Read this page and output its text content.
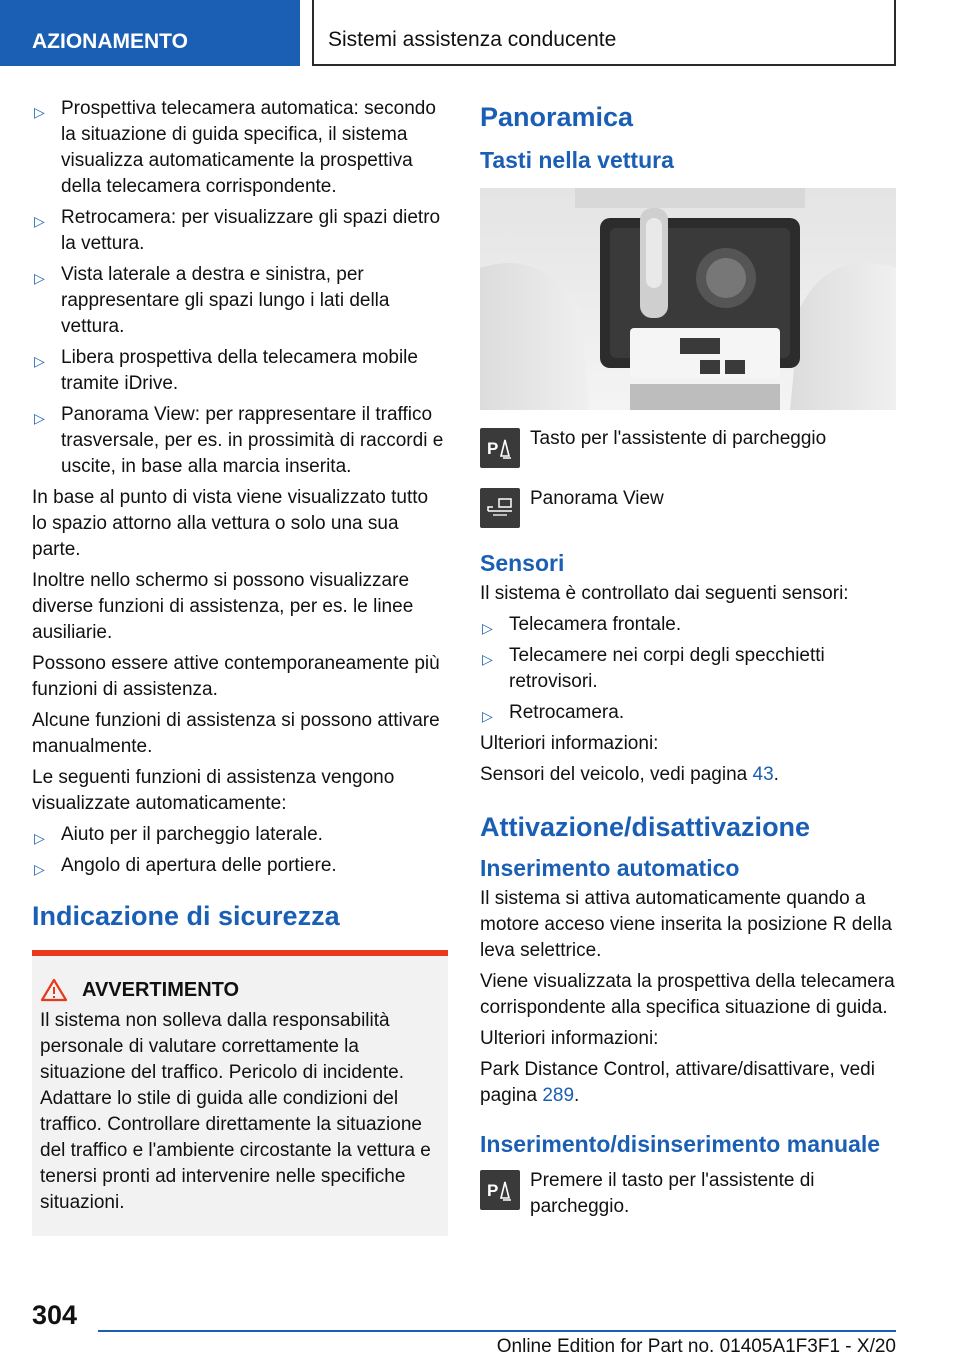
AZIONAMENTO	Sistemi assistenza conducente
▷ Prospettiva telecamera automatica: secondo la situazione di guida specifica, il sistema visualizza automaticamente la prospettiva della telecamera corrispondente.
▷ Retrocamera: per visualizzare gli spazi dietro la vettura.
▷ Vista laterale a destra e sinistra, per rappresentare gli spazi lungo i lati della vettura.
▷ Libera prospettiva della telecamera mobile tramite iDrive.
▷ Panorama View: per rappresentare il traffico trasversale, per es. in prossimità di raccordi e uscite, in base alla marcia inserita.

In base al punto di vista viene visualizzato tutto lo spazio attorno alla vettura o solo una sua parte.

Inoltre nello schermo si possono visualizzare diverse funzioni di assistenza, per es. le linee ausiliarie.

Possono essere attive contemporaneamente più funzioni di assistenza.

Alcune funzioni di assistenza si possono attivare manualmente.

Le seguenti funzioni di assistenza vengono visualizzate automaticamente:

▷ Aiuto per il parcheggio laterale.
▷ Angolo di apertura delle portiere.
Indicazione di sicurezza
AVVERTIMENTO

Il sistema non solleva dalla responsabilità personale di valutare correttamente la situazione del traffico. Pericolo di incidente. Adattare lo stile di guida alle condizioni del traffico. Controllare direttamente la situazione del traffico e l'ambiente circostante la vettura e tenersi pronti ad intervenire nelle specifiche situazioni.

Panoramica
Tasti nella vettura
P Tasto per l'assistente di parcheggio
Panorama View
Sensori

Il sistema è controllato dai seguenti sensori:

▷ Telecamera frontale.
▷ Telecamere nei corpi degli specchietti retrovisori.
▷ Retrocamera.

Ulteriori informazioni:

Sensori del veicolo, vedi pagina 43.

Attivazione/disattivazione
Inserimento automatico

Il sistema si attiva automaticamente quando a motore acceso viene inserita la posizione R della leva selettrice.

Viene visualizzata la prospettiva della telecamera corrispondente alla specifica situazione di guida.

Ulteriori informazioni:

Park Distance Control, attivare/disattivare, vedi pagina 289.

Inserimento/disinserimento manuale
P Premere il tasto per l'assistente di parcheggio.
304
Online Edition for Part no. 01405A1F3F1 - X/20
